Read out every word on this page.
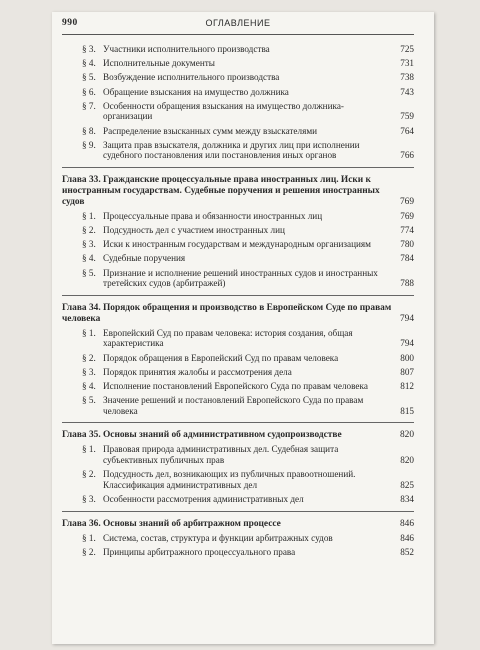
990	ОГЛАВЛЕНИЕ
§ 3. Участники исполнительного производства	725
§ 4. Исполнительные документы	731
§ 5. Возбуждение исполнительного производства	738
§ 6. Обращение взыскания на имущество должника	743
§ 7. Особенности обращения взыскания на имущество должника-организации	759
§ 8. Распределение взысканных сумм между взыскателями	764
§ 9. Защита прав взыскателя, должника и других лиц при исполнении судебного постановления или постановления иных органов	766
Глава 33. Гражданские процессуальные права иностранных лиц. Иски к иностранным государствам. Судебные поручения и решения иностранных судов	769
§ 1. Процессуальные права и обязанности иностранных лиц	769
§ 2. Подсудность дел с участием иностранных лиц	774
§ 3. Иски к иностранным государствам и международным организациям	780
§ 4. Судебные поручения	784
§ 5. Признание и исполнение решений иностранных судов и иностранных третейских судов (арбитражей)	788
Глава 34. Порядок обращения и производство в Европейском Суде по правам человека	794
§ 1. Европейский Суд по правам человека: история создания, общая характеристика	794
§ 2. Порядок обращения в Европейский Суд по правам человека	800
§ 3. Порядок принятия жалобы и рассмотрения дела	807
§ 4. Исполнение постановлений Европейского Суда по правам человека	812
§ 5. Значение решений и постановлений Европейского Суда по правам человека	815
Глава 35. Основы знаний об административном судопроизводстве	820
§ 1. Правовая природа административных дел. Судебная защита субъективных публичных прав	820
§ 2. Подсудность дел, возникающих из публичных правоотношений. Классификация административных дел	825
§ 3. Особенности рассмотрения административных дел	834
Глава 36. Основы знаний об арбитражном процессе	846
§ 1. Система, состав, структура и функции арбитражных судов	846
§ 2. Принципы арбитражного процессуального права	852
